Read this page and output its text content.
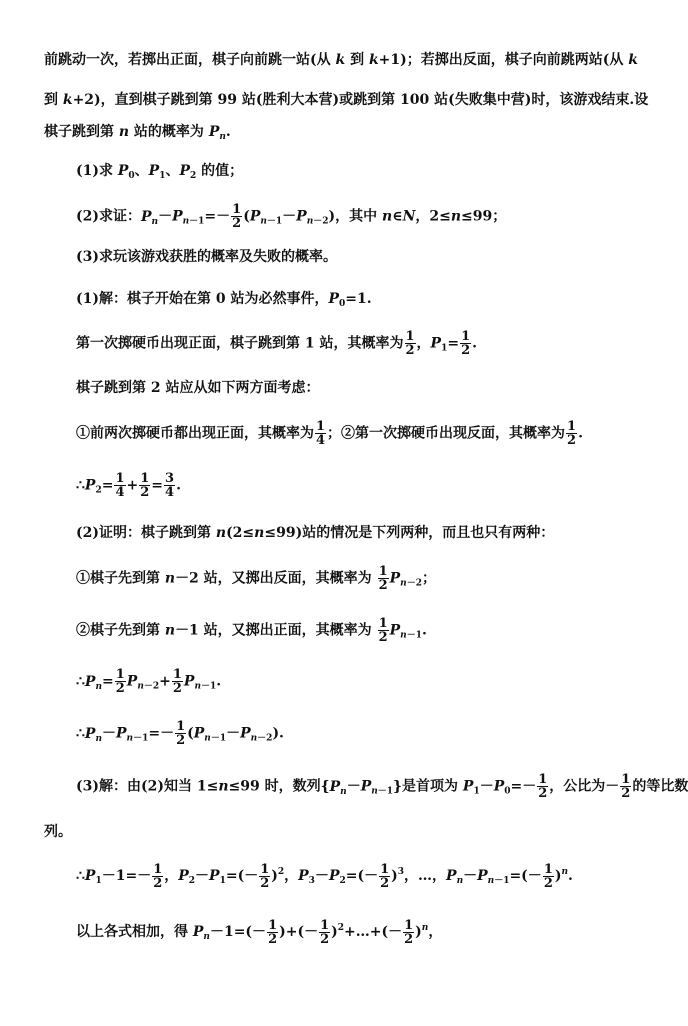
前跳动一次，若掷出正面，棋子向前跳一站(从 k 到 k+1)；若掷出反面，棋子向前跳两站(从 k
到 k+2)，直到棋子跳到第 99 站(胜利大本营)或跳到第 100 站(失败集中营)时，该游戏结束.设
棋子跳到第 n 站的概率为 $P_n$.
(1)求 $P_0$、$P_1$、$P_2$ 的值；
(2)求证：$P_n-P_{n-1}=- \frac{1}{2} (P_{n-1}-P_{n-2})$，其中 n∈N，2≤n≤99；
(3)求玩该游戏获胜的概率及失败的概率。
(1)解：棋子开始在第 0 站为必然事件，$P_0=1$.
第一次掷硬币出现正面，棋子跳到第 1 站，其概率为 $\frac{1}{2}$ ，$P_1= \frac{1}{2}$ .
棋子跳到第 2 站应从如下两方面考虑：
①前两次掷硬币都出现正面，其概率为 $\frac{1}{4}$ ；②第一次掷硬币出现反面，其概率为 $\frac{1}{2}$ .
$\therefore P_2= \frac{1}{4} + \frac{1}{2} = \frac{3}{4}$ .
(2)证明：棋子跳到第 n(2≤n≤99)站的情况是下列两种，而且也只有两种：
①棋子先到第 n－2 站，又掷出反面，其概率为 $\frac{1}{2} P_{n-2}$；
②棋子先到第 n－1 站，又掷出正面，其概率为 $\frac{1}{2} P_{n-1}$.
$\therefore P_n= \frac{1}{2} P_{n-2}+ \frac{1}{2} P_{n-1}$.
$\therefore P_n-P_{n-1}=- \frac{1}{2} (P_{n-1}-P_{n-2})$.
(3)解：由(2)知当 1≤n≤99 时，数列$\{P_n-P_{n-1}\}$是首项为 $P_1-P_0=- \frac{1}{2}$ ，公比为－ $\frac{1}{2}$ 的等比数
列。
$\therefore P_1-1=- \frac{1}{2}$ ，$P_2-P_1=(- \frac{1}{2} )^2$，$P_3-P_2=(- \frac{1}{2} )^3$，…，$P_n-P_{n-1}=(- \frac{1}{2} )^n$.
以上各式相加，得 $P_n-1=(- \frac{1}{2}$ )+(－ $\frac{1}{2}$ )$^2$+…+(－ $\frac{1}{2} )^n$，
